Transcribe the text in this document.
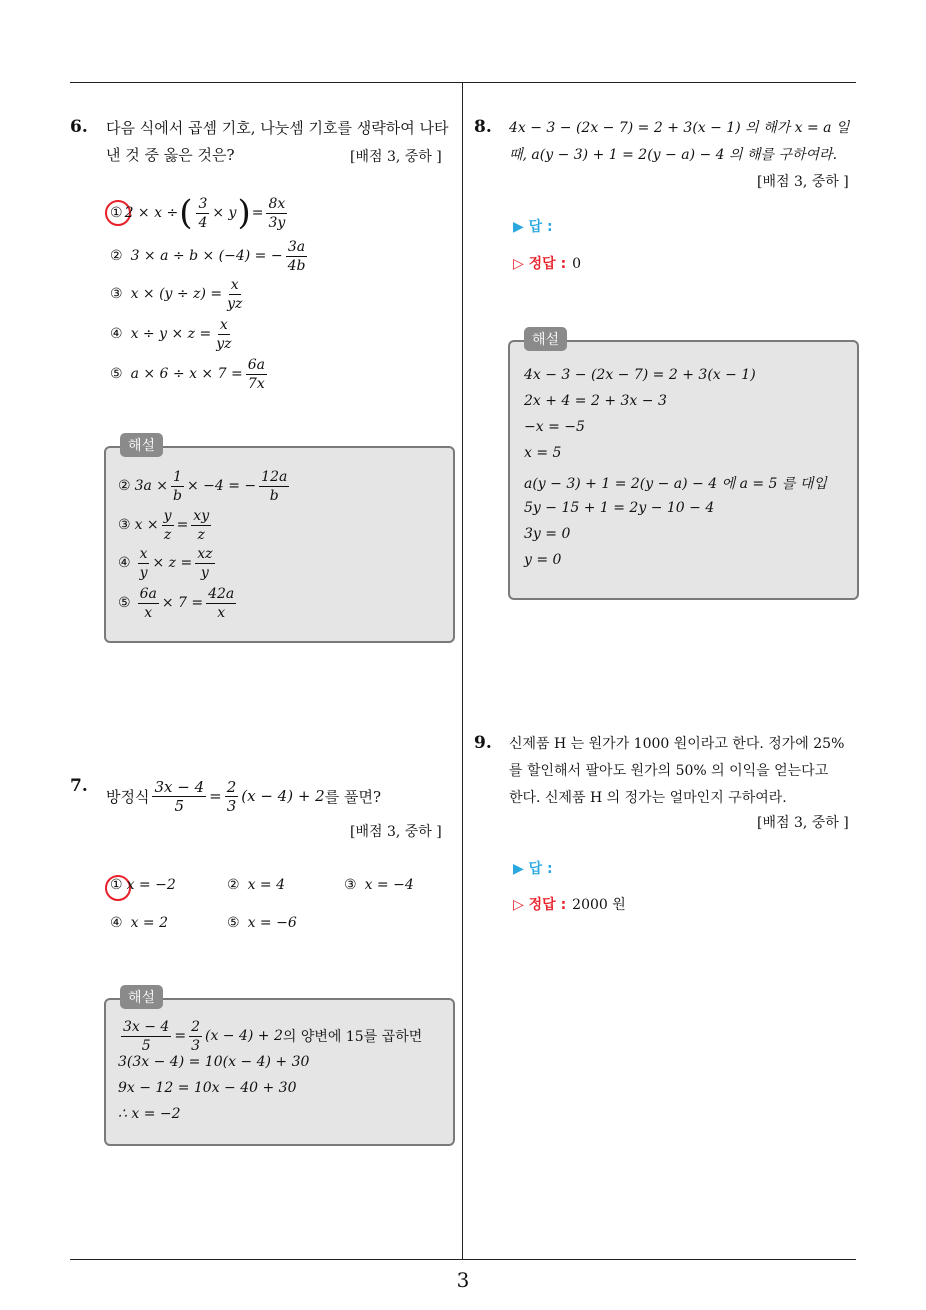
6. 다음 식에서 곱셈 기호, 나눗셈 기호를 생략하여 나타
낸 것 중 옳은 것은?	[배점 3, 중하 ]
① 2 × x ÷ ( $\frac{3}{4} \times y$ ) = $\frac{8x}{3y}$
② 3 × a ÷ b × (−4) = − $\frac{3a}{4b}$
③ $x \times (y \div z) = \frac{x}{yz}$
④ $x \div y \times z = \frac{x}{yz}$
⑤ $a \times 6 \div x \times 7 = \frac{6a}{7x}$
해설
② $3a \times \frac{1}{b} \times -4$ = − $\frac{12a}{b}$
③ $x \times \frac{y}{z} = \frac{xy}{z}$
④ $\frac{x}{y} \times z = \frac{xz}{y}$
⑤ $\frac{6a}{x} \times 7 = \frac{42a}{x}$
7.
방정식 $\frac{3x - 4}{5} = \frac{2}{3} (x - 4) + 2$ 를 풀면?
[배점 3, 중하 ]
① x = −2	② x = 4	③ x = −4
④ x = 2	⑤ x = −6
해설
$\frac{3x - 4}{5} = \frac{2}{3} (x - 4) + 2$ 의 양변에 15를 곱하면
3(3x − 4) = 10(x − 4) + 30
9x − 12 = 10x − 40 + 30
∴ x = −2
8. 4x − 3 − (2x − 7) = 2 + 3(x − 1) 의 해가 x = a 일
때, a(y − 3) + 1 = 2(y − a) − 4 의 해를 구하여라.
[배점 3, 중하 ]
▶ 답 :
▷ 정답 : 0
해설
4x − 3 − (2x − 7) = 2 + 3(x − 1)
2x + 4 = 2 + 3x − 3
−x = −5
x = 5
a(y − 3) + 1 = 2(y − a) − 4 에 a = 5 를 대입
5y − 15 + 1 = 2y − 10 − 4
3y = 0
y = 0
9. 신제품 H 는 원가가 1000 원이라고 한다. 정가에 25%
를 할인해서 팔아도 원가의 50% 의 이익을 얻는다고
한다. 신제품 H 의 정가는 얼마인지 구하여라.
[배점 3, 중하 ]
▶ 답 :
▷ 정답 : 2000 원
3
